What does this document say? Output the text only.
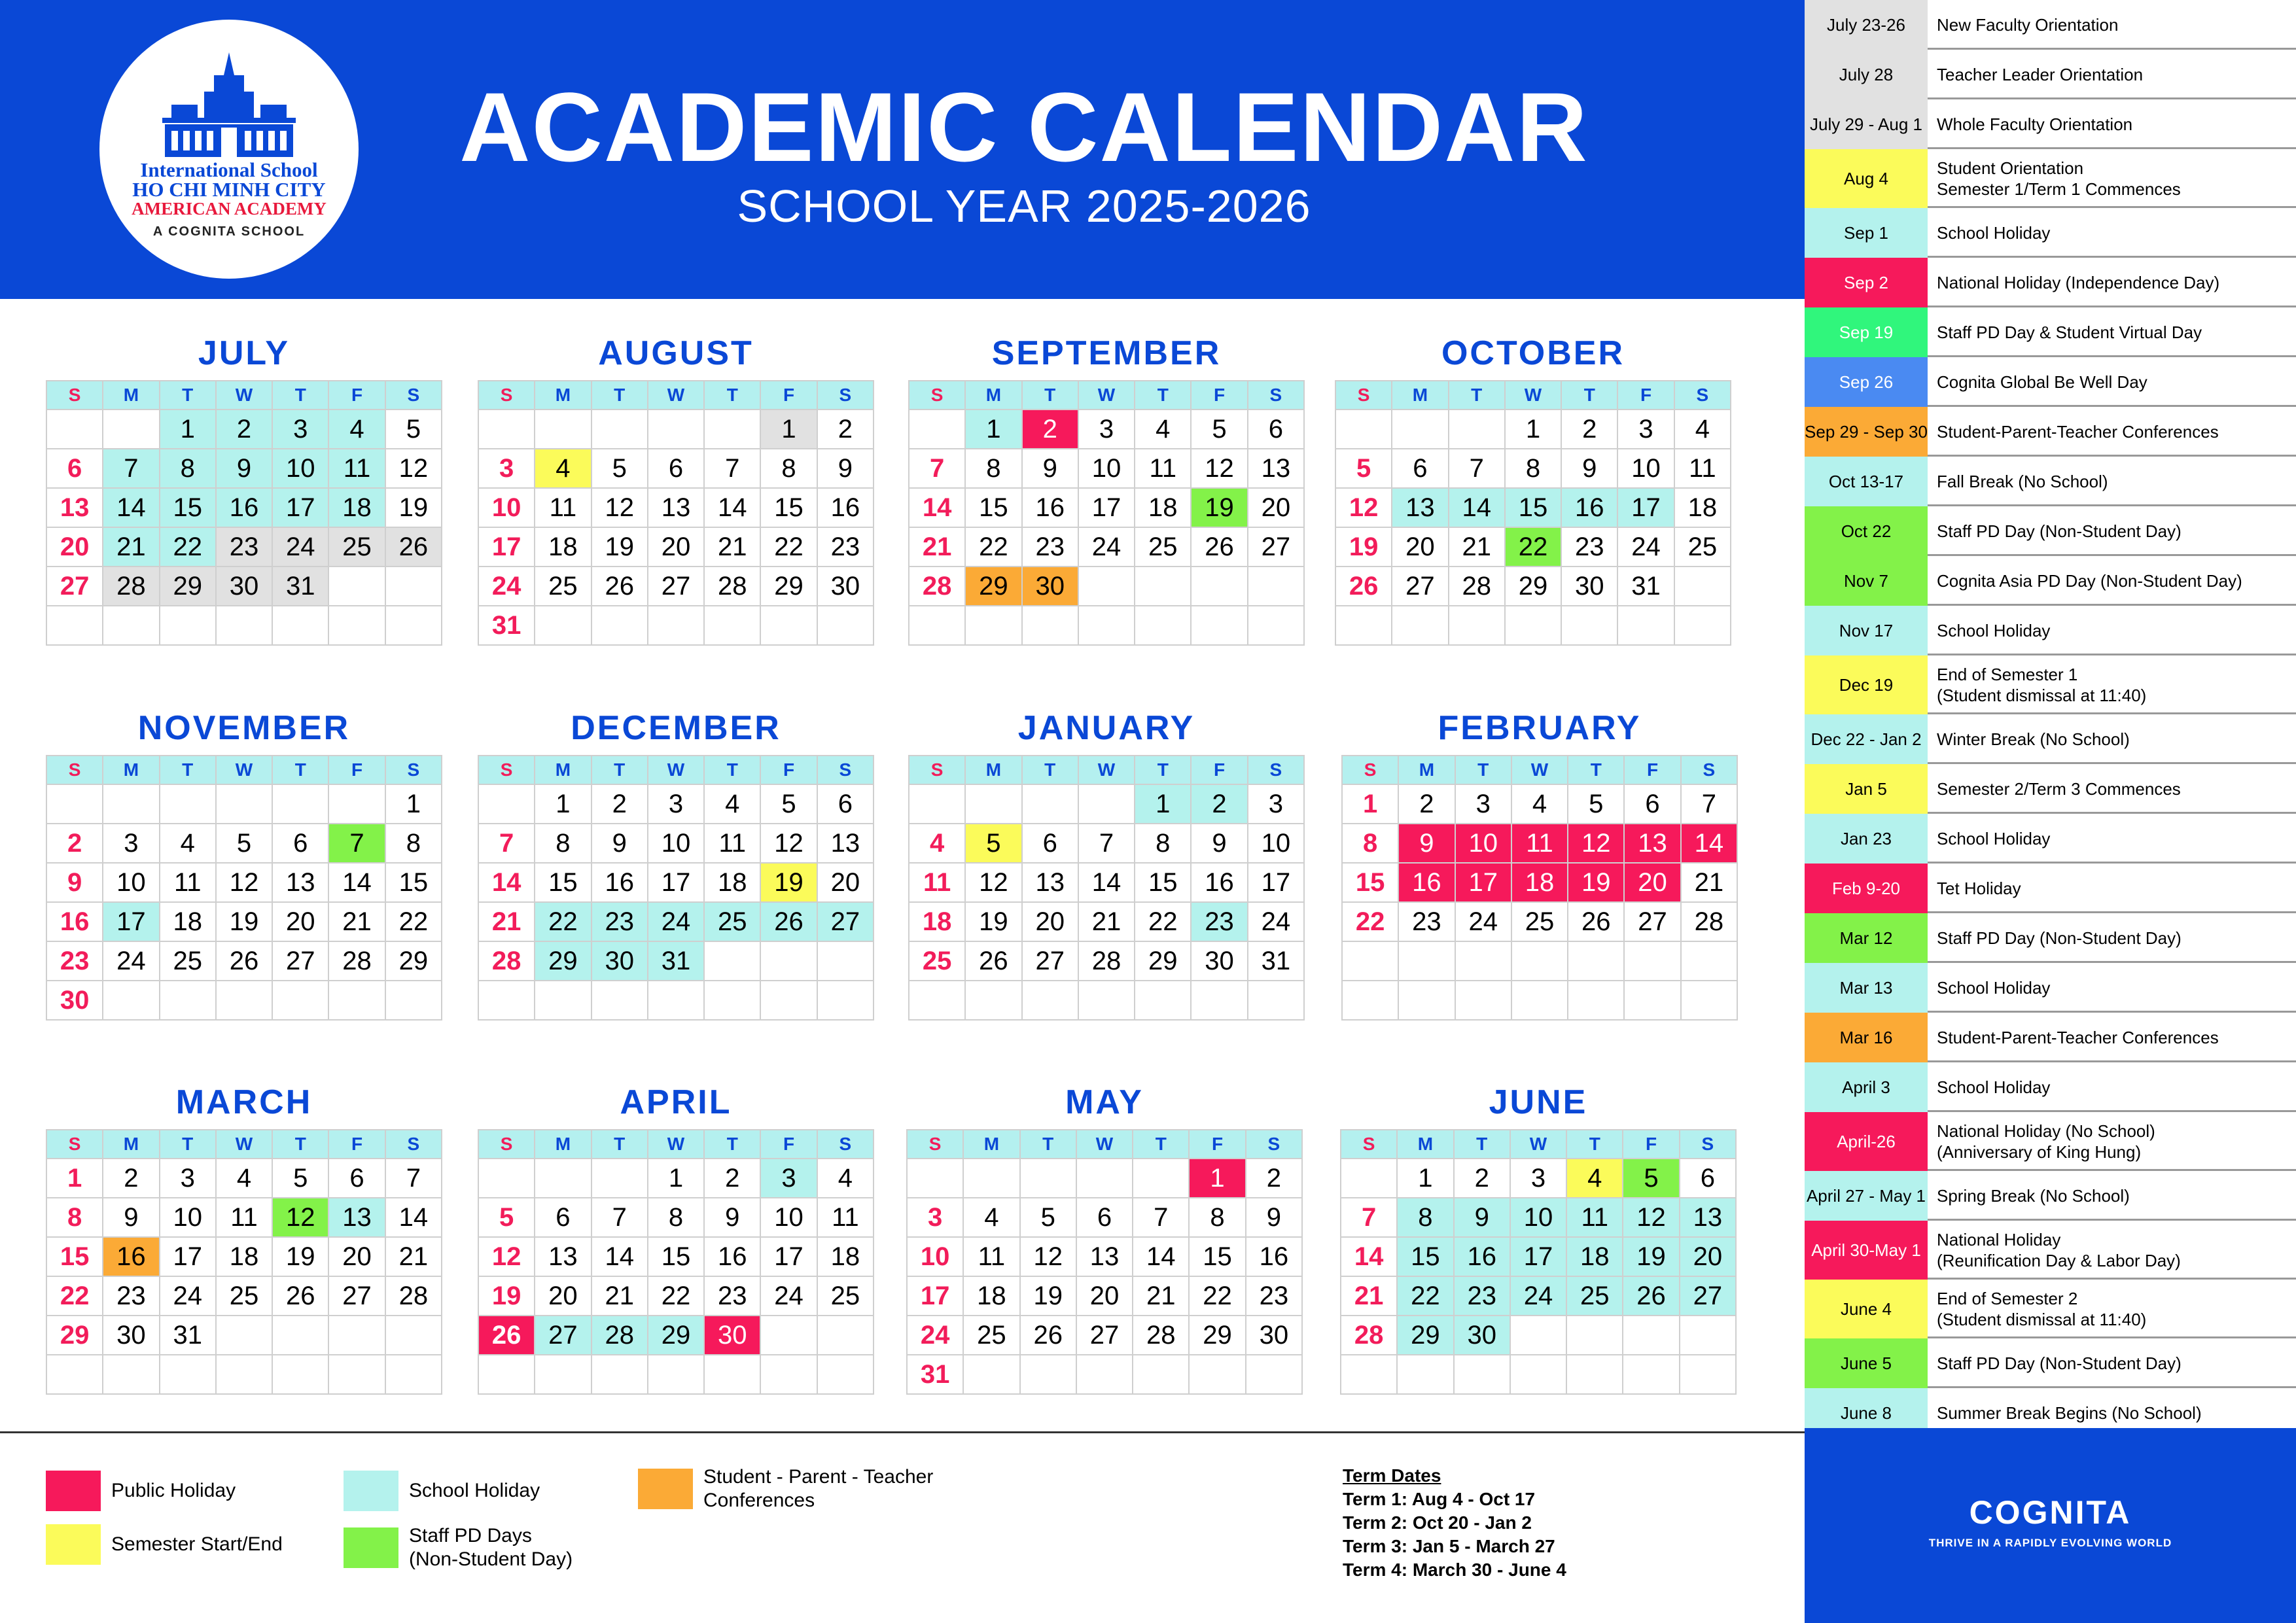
International School
HO CHI MINH CITY
AMERICAN ACADEMY
A COGNITA SCHOOL
ACADEMIC CALENDAR
SCHOOL YEAR 2025-2026
JULY
S	M	T	W	T	F	S
		1	2	3	4	5
6	7	8	9	10	11	12
13	14	15	16	17	18	19
20	21	22	23	24	25	26
27	28	29	30	31		

AUGUST
S	M	T	W	T	F	S
					1	2
3	4	5	6	7	8	9
10	11	12	13	14	15	16
17	18	19	20	21	22	23
24	25	26	27	28	29	30
31						
SEPTEMBER
S	M	T	W	T	F	S
	1	2	3	4	5	6
7	8	9	10	11	12	13
14	15	16	17	18	19	20
21	22	23	24	25	26	27
28	29	30				

OCTOBER
S	M	T	W	T	F	S
			1	2	3	4
5	6	7	8	9	10	11
12	13	14	15	16	17	18
19	20	21	22	23	24	25
26	27	28	29	30	31	

NOVEMBER
S	M	T	W	T	F	S
						1
2	3	4	5	6	7	8
9	10	11	12	13	14	15
16	17	18	19	20	21	22
23	24	25	26	27	28	29
30						
DECEMBER
S	M	T	W	T	F	S
	1	2	3	4	5	6
7	8	9	10	11	12	13
14	15	16	17	18	19	20
21	22	23	24	25	26	27
28	29	30	31			

JANUARY
S	M	T	W	T	F	S
				1	2	3
4	5	6	7	8	9	10
11	12	13	14	15	16	17
18	19	20	21	22	23	24
25	26	27	28	29	30	31

FEBRUARY
S	M	T	W	T	F	S
1	2	3	4	5	6	7
8	9	10	11	12	13	14
15	16	17	18	19	20	21
22	23	24	25	26	27	28

MARCH
S	M	T	W	T	F	S
1	2	3	4	5	6	7
8	9	10	11	12	13	14
15	16	17	18	19	20	21
22	23	24	25	26	27	28
29	30	31				

APRIL
S	M	T	W	T	F	S
			1	2	3	4
5	6	7	8	9	10	11
12	13	14	15	16	17	18
19	20	21	22	23	24	25
26	27	28	29	30		

MAY
S	M	T	W	T	F	S
					1	2
3	4	5	6	7	8	9
10	11	12	13	14	15	16
17	18	19	20	21	22	23
24	25	26	27	28	29	30
31						
JUNE
S	M	T	W	T	F	S
	1	2	3	4	5	6
7	8	9	10	11	12	13
14	15	16	17	18	19	20
21	22	23	24	25	26	27
28	29	30				

July 23-26	New Faculty Orientation
July 28	Teacher Leader Orientation
July 29 - Aug 1 Whole Faculty Orientation
Aug 4
Student Orientation
Semester 1/Term 1 Commences
Sep 1	School Holiday
Sep 2	National Holiday (Independence Day)
Sep 19	Staff PD Day & Student Virtual Day
Sep 26	Cognita Global Be Well Day
Sep 29 - Sep 30 Student-Parent-Teacher Conferences
Oct 13-17	Fall Break (No School)
Oct 22	Staff PD Day (Non-Student Day)
Nov 7	Cognita Asia PD Day (Non-Student Day)
Nov 17	School Holiday
Dec 19
End of Semester 1
(Student dismissal at 11:40)
Dec 22 - Jan 2 Winter Break (No School)
Jan 5	Semester 2/Term 3 Commences
Jan 23	School Holiday
Feb 9-20	Tet Holiday
Mar 12	Staff PD Day (Non-Student Day)
Mar 13	School Holiday
Mar 16	Student-Parent-Teacher Conferences
April 3	School Holiday
April-26
National Holiday (No School)
(Anniversary of King Hung)
April 27 - May 1 Spring Break (No School)
April 30-May 1
National Holiday
(Reunification Day & Labor Day)
June 4
End of Semester 2
(Student dismissal at 11:40)
June 5	Staff PD Day (Non-Student Day)
June 8	Summer Break Begins (No School)
COGNITA
THRIVE IN A RAPIDLY EVOLVING WORLD
Public Holiday	School Holiday
Student - Parent - Teacher
Conferences
Semester Start/End	Staff PD Days
(Non-Student Day)
Term Dates
Term 1: Aug 4 - Oct 17
Term 2: Oct 20 - Jan 2
Term 3: Jan 5 - March 27
Term 4: March 30 - June 4
